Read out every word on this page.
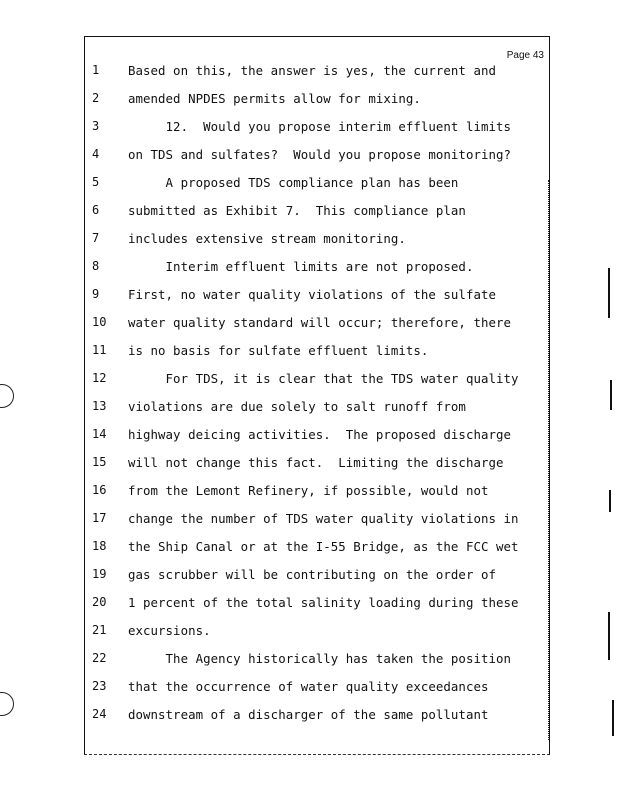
Page 43
1	Based on this, the answer is yes, the current and
2	amended NPDES permits allow for mixing.
3	12.  Would you propose interim effluent limits
4	on TDS and sulfates?  Would you propose monitoring?
5	A proposed TDS compliance plan has been
6	submitted as Exhibit 7.  This compliance plan
7	includes extensive stream monitoring.
8	Interim effluent limits are not proposed.
9	First, no water quality violations of the sulfate
10 water quality standard will occur; therefore, there
11 is no basis for sulfate effluent limits.
12 For TDS, it is clear that the TDS water quality
13 violations are due solely to salt runoff from
14 highway deicing activities.  The proposed discharge
15 will not change this fact.  Limiting the discharge
16 from the Lemont Refinery, if possible, would not
17 change the number of TDS water quality violations in
18 the Ship Canal or at the I-55 Bridge, as the FCC wet
19 gas scrubber will be contributing on the order of
20 1 percent of the total salinity loading during these
21 excursions.
22 The Agency historically has taken the position
23 that the occurrence of water quality exceedances
24 downstream of a discharger of the same pollutant
